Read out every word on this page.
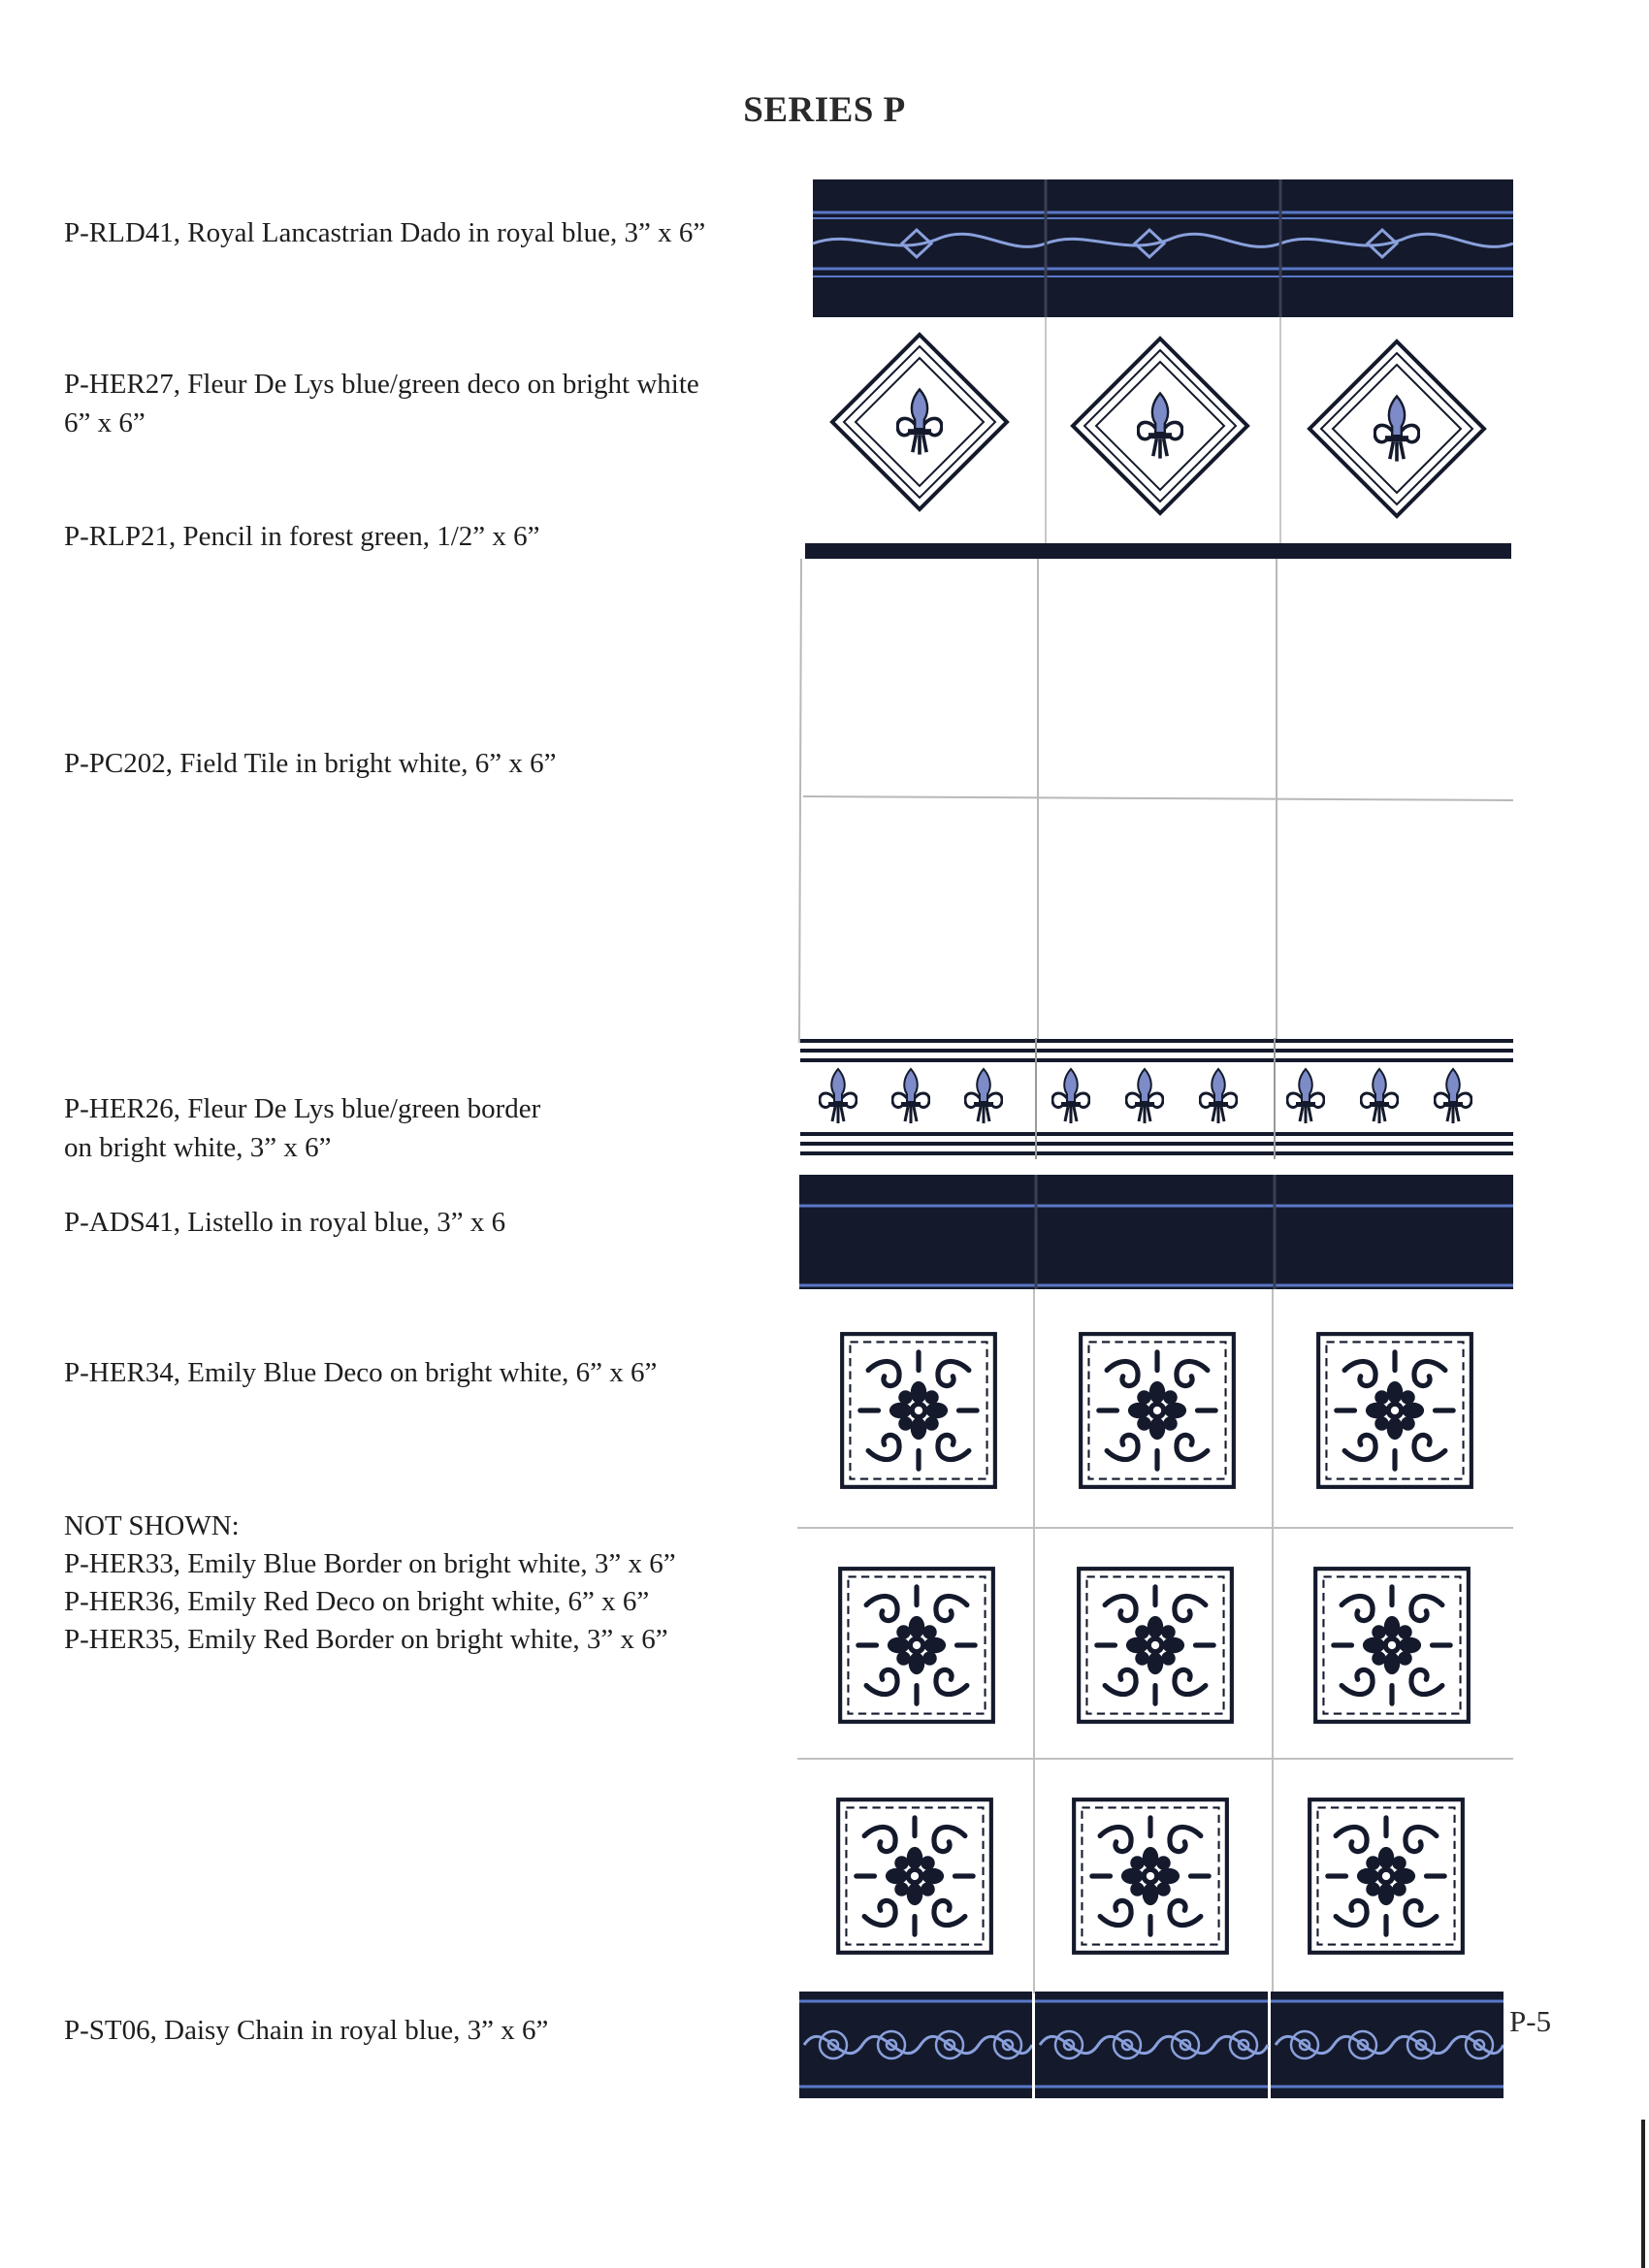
SERIES P
P-RLD41, Royal Lancastrian Dado in royal blue, 3” x 6”
P-HER27, Fleur De Lys blue/green deco on bright white
6” x 6”
P-RLP21, Pencil in forest green, 1/2” x 6”
P-PC202, Field Tile in bright white, 6” x 6”
P-HER26, Fleur De Lys blue/green border
on bright white, 3” x 6”
P-ADS41, Listello in royal blue, 3” x 6
P-HER34, Emily Blue Deco on bright white, 6” x 6”
NOT SHOWN:
P-HER33, Emily Blue Border on bright white, 3” x 6”
P-HER36, Emily Red Deco on bright white, 6” x 6”
P-HER35, Emily Red Border on bright white, 3” x 6”
P-ST06, Daisy Chain in royal blue, 3” x 6”	P-5
